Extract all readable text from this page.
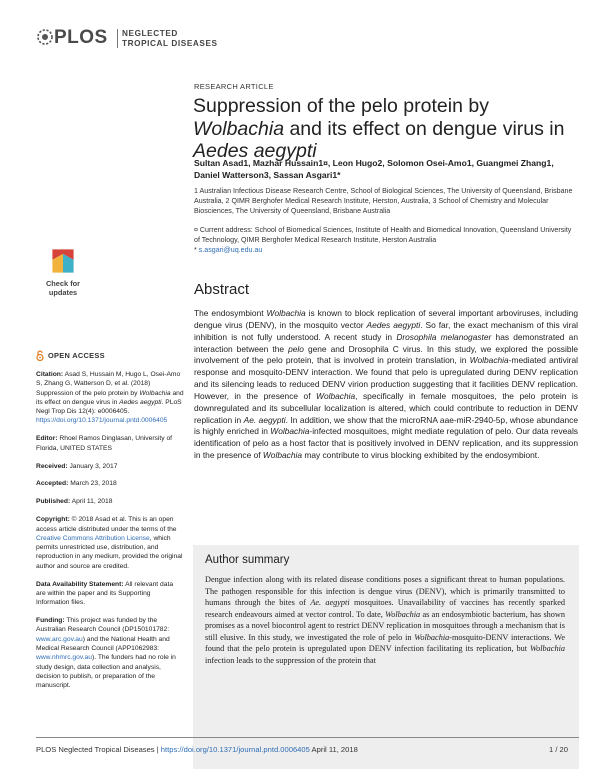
PLOS NEGLECTED
TROPICAL DISEASES
RESEARCH ARTICLE
Suppression of the pelo protein by Wolbachia and its effect on dengue virus in Aedes aegypti
Sultan Asad1, Mazhar Hussain1¤, Leon Hugo2, Solomon Osei-Amo1, Guangmei Zhang1,
Daniel Watterson3, Sassan Asgari1*
1 Australian Infectious Disease Research Centre, School of Biological Sciences, The University of Queensland, Brisbane Australia, 2 QIMR Berghofer Medical Research Institute, Herston, Australia, 3 School of Chemistry and Molecular Biosciences, The University of Queensland, Brisbane Australia
¤ Current address: School of Biomedical Sciences, Institute of Health and Biomedical Innovation, Queensland University of Technology, QIMR Berghofer Medical Research Institute, Herston Australia
* s.asgari@uq.edu.au
Check for
updates
OPEN ACCESS
Citation: Asad S, Hussain M, Hugo L, Osei-Amo S, Zhang G, Watterson D, et al. (2018) Suppression of the pelo protein by Wolbachia and its effect on dengue virus in Aedes aegypti. PLoS Negl Trop Dis 12(4): e0006405. https://doi.org/10.1371/journal.pntd.0006405
Editor: Rhoel Ramos Dinglasan, University of Florida, UNITED STATES
Received: January 3, 2017
Accepted: March 23, 2018
Published: April 11, 2018
Copyright: © 2018 Asad et al. This is an open access article distributed under the terms of the Creative Commons Attribution License, which permits unrestricted use, distribution, and reproduction in any medium, provided the original author and source are credited.
Data Availability Statement: All relevant data are within the paper and its Supporting Information files.
Funding: This project was funded by the Australian Research Council (DP150101782: www.arc.gov.au) and the National Health and Medical Research Council (APP1062983: www.nhmrc.gov.au). The funders had no role in study design, data collection and analysis, decision to publish, or preparation of the manuscript.
Abstract
The endosymbiont Wolbachia is known to block replication of several important arboviruses, including dengue virus (DENV), in the mosquito vector Aedes aegypti. So far, the exact mechanism of this viral inhibition is not fully understood. A recent study in Drosophila melanogaster has demonstrated an interaction between the pelo gene and Drosophila C virus. In this study, we explored the possible involvement of the pelo protein, that is involved in protein translation, in Wolbachia-mediated antiviral response and mosquito-DENV interaction. We found that pelo is upregulated during DENV replication and its silencing leads to reduced DENV virion production suggesting that it facilities DENV replication. However, in the presence of Wolbachia, specifically in female mosquitoes, the pelo protein is downregulated and its subcellular localization is altered, which could contribute to reduction in DENV replication in Ae. aegypti. In addition, we show that the microRNA aae-miR-2940-5p, whose abundance is highly enriched in Wolbachia-infected mosquitoes, might mediate regulation of pelo. Our data reveals identification of pelo as a host factor that is positively involved in DENV replication, and its suppression in the presence of Wolbachia may contribute to virus blocking exhibited by the endosymbiont.
Author summary
Dengue infection along with its related disease conditions poses a significant threat to human populations. The pathogen responsible for this infection is dengue virus (DENV), which is primarily transmitted to humans through the bites of Ae. aegypti mosquitoes. Unavailability of vaccines has recently sparked research endeavours aimed at vector control. To date, Wolbachia as an endosymbiotic bacterium, has shown promises as a novel biocontrol agent to restrict DENV replication in mosquitoes through a mechanism that is still elusive. In this study, we investigated the role of pelo in Wolbachia-mosquito-DENV interactions. We found that the pelo protein is upregulated upon DENV infection facilitating its replication, but Wolbachia infection leads to the suppression of the protein that
PLOS Neglected Tropical Diseases | https://doi.org/10.1371/journal.pntd.0006405 April 11, 2018	1 / 20
